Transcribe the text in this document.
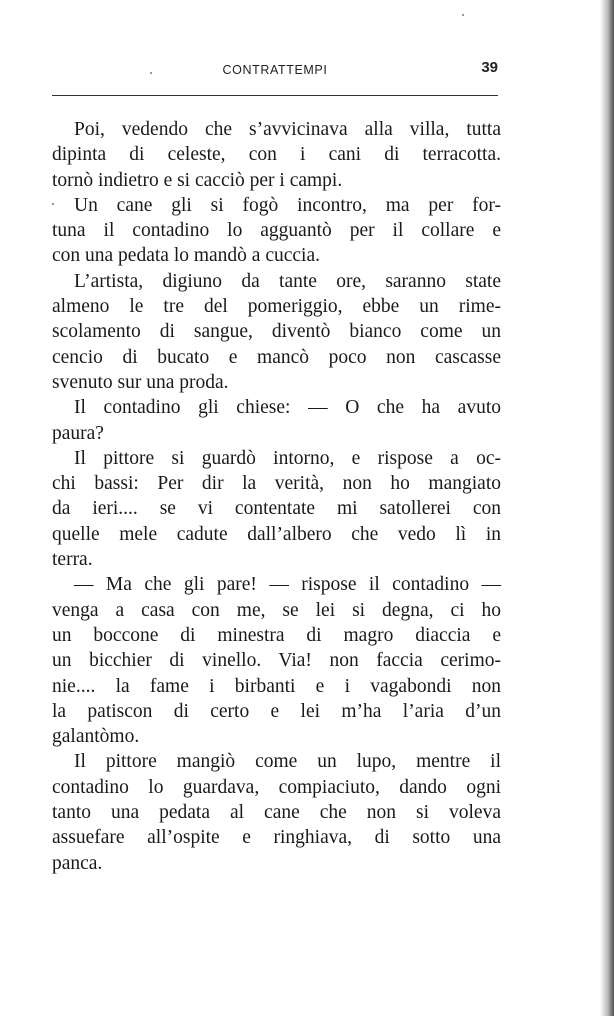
CONTRATTEMPI	39
Poi, vedendo che s’avvicinava alla villa, tutta
dipinta di celeste, con i cani di terracotta.
tornò indietro e si cacciò per i campi.
Un cane gli si fogò incontro, ma per for-
tuna il contadino lo agguantò per il collare e
con una pedata lo mandò a cuccia.
L’artista, digiuno da tante ore, saranno state
almeno le tre del pomeriggio, ebbe un rime-
scolamento di sangue, diventò bianco come un
cencio di bucato e mancò poco non cascasse
svenuto sur una proda.
Il contadino gli chiese: — O che ha avuto
paura?
Il pittore si guardò intorno, e rispose a oc-
chi bassi: Per dir la verità, non ho mangiato
da ieri.... se vi contentate mi satollerei con
quelle mele cadute dall’albero che vedo lì in
terra.
— Ma che gli pare! — rispose il contadino —
venga a casa con me, se lei si degna, ci ho
un boccone di minestra di magro diaccia e
un bicchier di vinello. Via! non faccia cerimo-
nie.... la fame i birbanti e i vagabondi non
la patiscon di certo e lei m’ha l’aria d’un
galantòmo.
Il pittore mangiò come un lupo, mentre il
contadino lo guardava, compiaciuto, dando ogni
tanto una pedata al cane che non si voleva
assuefare all’ospite e ringhiava, di sotto una
panca.
